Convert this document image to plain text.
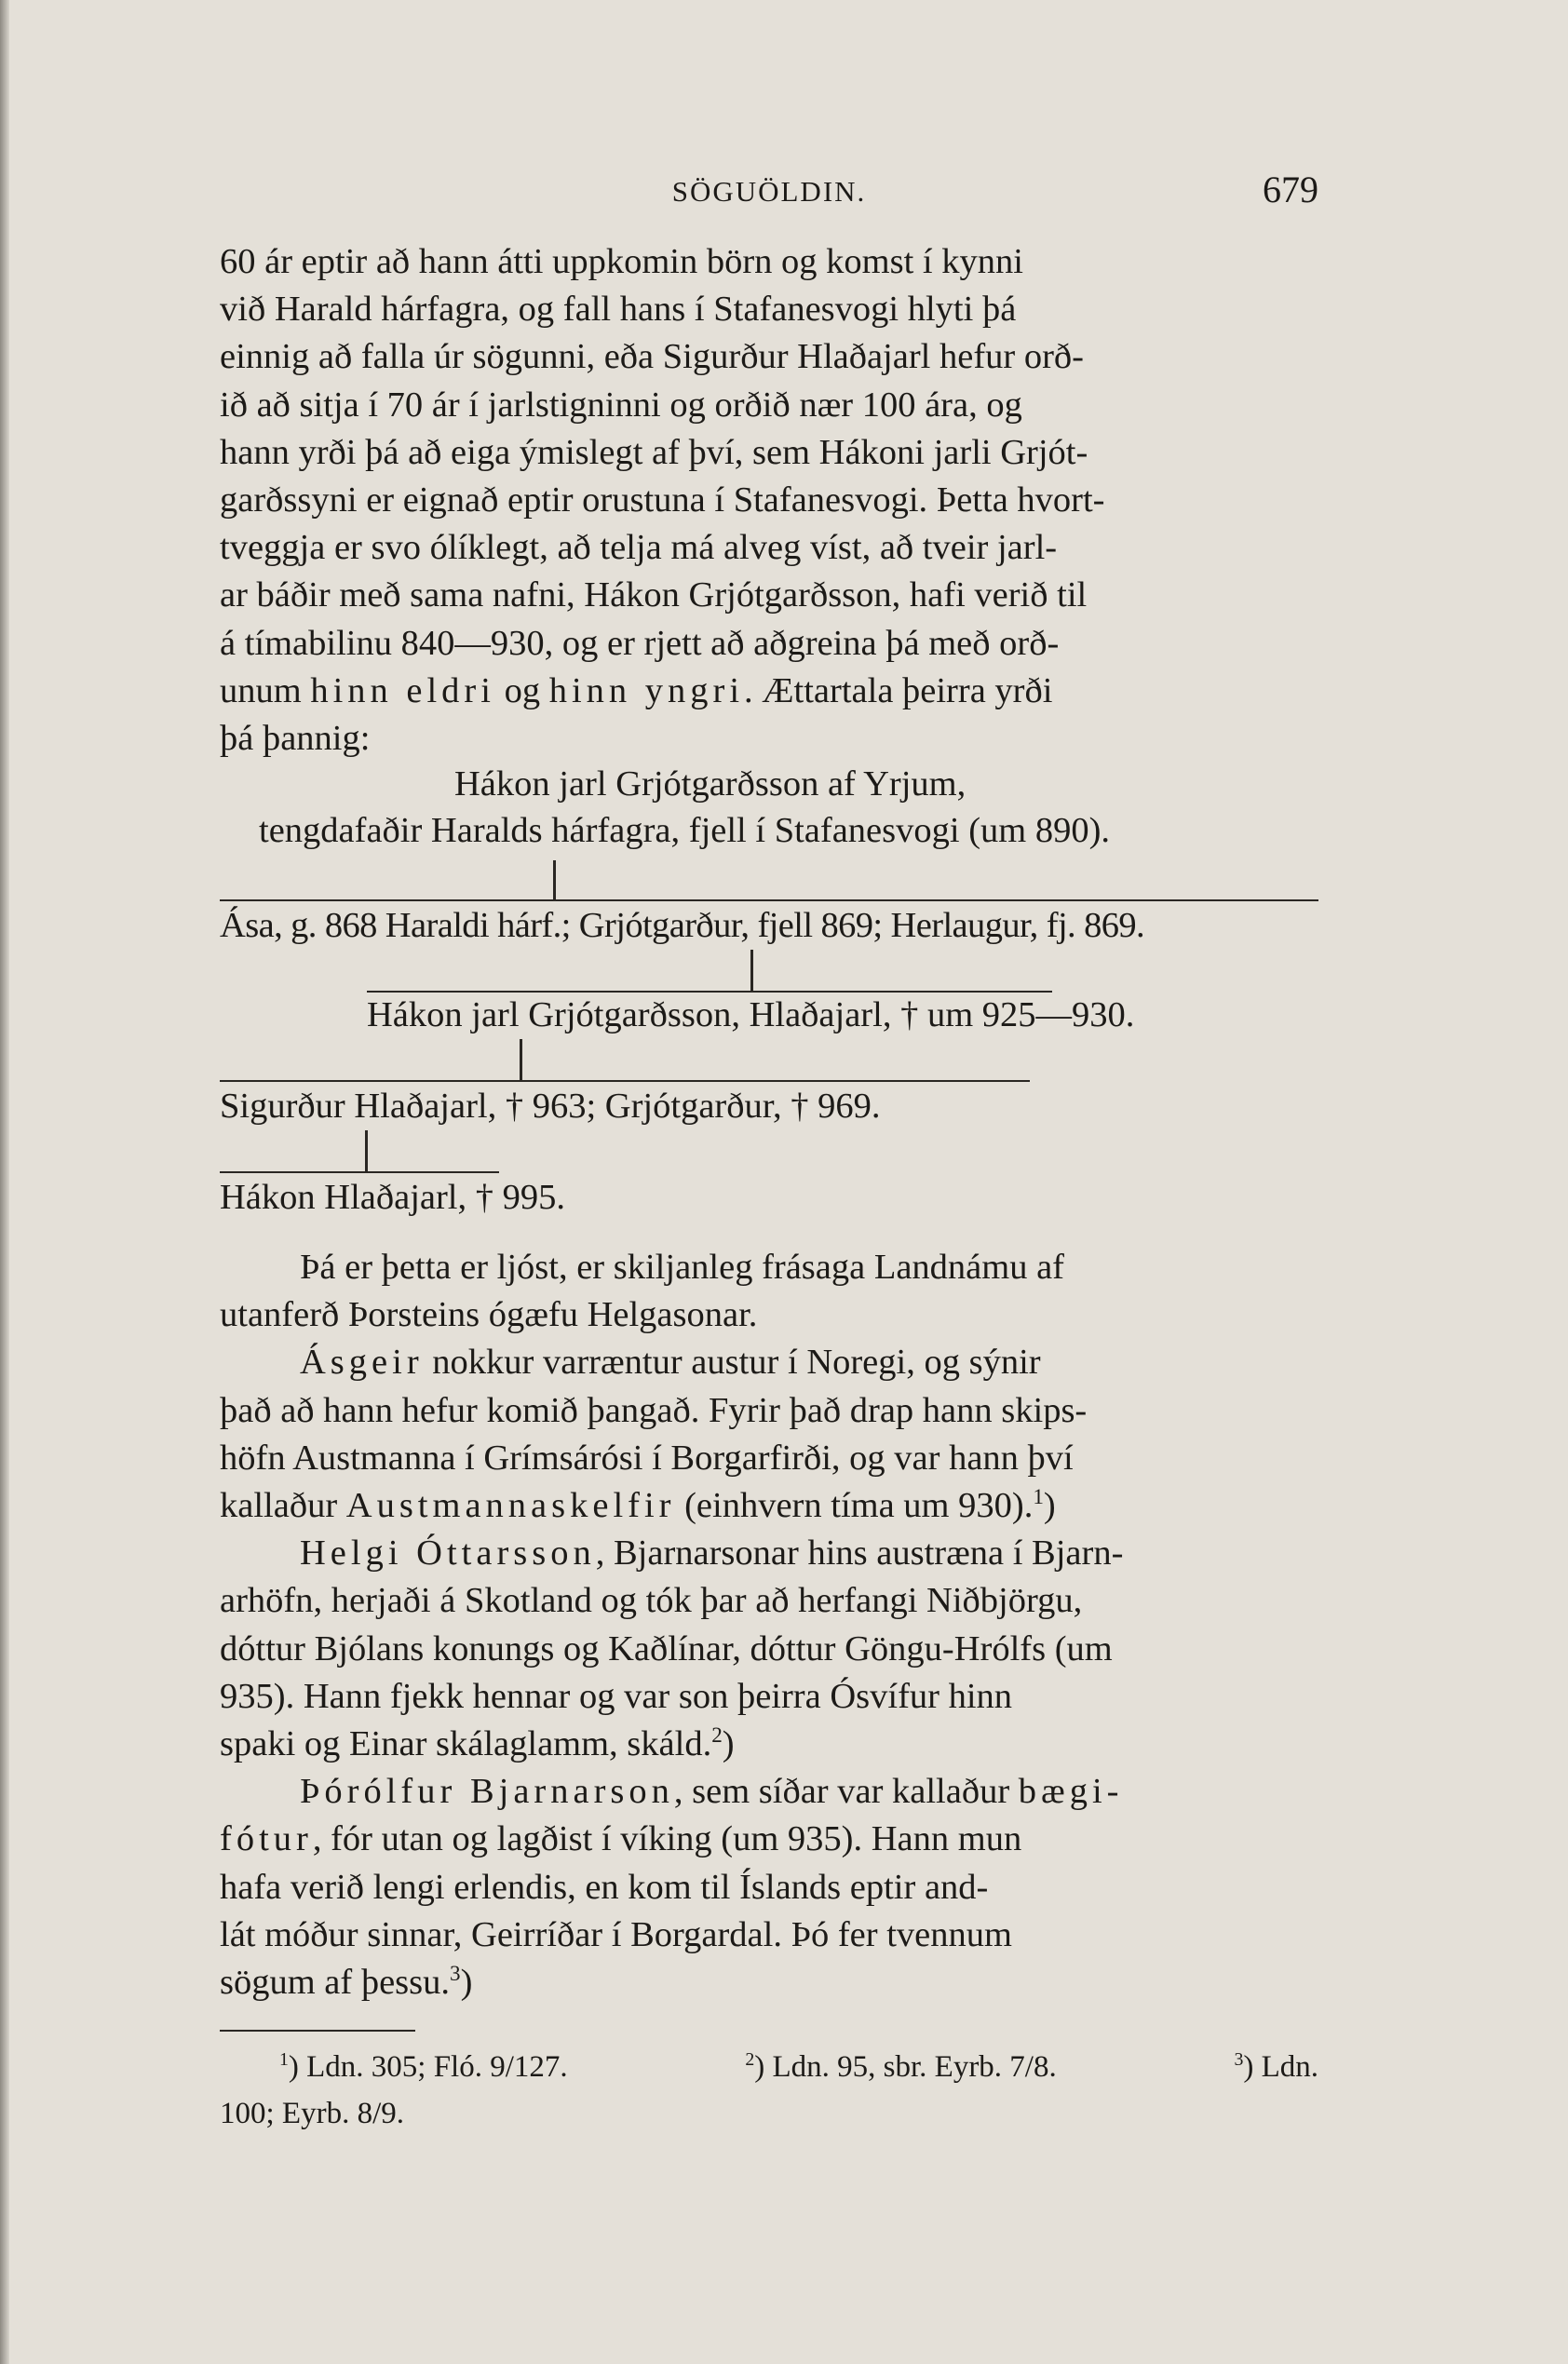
SÖGUÖLDIN.	679

60 ár eptir að hann átti uppkomin börn og komst í kynni

við Harald hárfagra, og fall hans í Stafanesvogi hlyti þá

einnig að falla úr sögunni, eða Sigurður Hlaðajarl hefur orð-

ið að sitja í 70 ár í jarlstigninni og orðið nær 100 ára, og

hann yrði þá að eiga ýmislegt af því, sem Hákoni jarli Grjót-

garðssyni er eignað eptir orustuna í Stafanesvogi. Þetta hvort-

tveggja er svo ólíklegt, að telja má alveg víst, að tveir jarl-

ar báðir með sama nafni, Hákon Grjótgarðsson, hafi verið til

á tímabilinu 840—930, og er rjett að aðgreina þá með orð-

unum hinn eldri og hinn yngri. Ættartala þeirra yrði

þá þannig:

Hákon jarl Grjótgarðsson af Yrjum,
tengdafaðir Haralds hárfagra, fjell í Stafanesvogi (um 890).
Ása, g. 868 Haraldi hárf.; Grjótgarður, fjell 869; Herlaugur, fj. 869.
Hákon jarl Grjótgarðsson, Hlaðajarl, † um 925—930.
Sigurður Hlaðajarl, † 963; Grjótgarður, † 969.
Hákon Hlaðajarl, † 995.

Þá er þetta er ljóst, er skiljanleg frásaga Landnámu af

utanferð Þorsteins ógæfu Helgasonar.

Ásgeir nokkur varræntur austur í Noregi, og sýnir

það að hann hefur komið þangað. Fyrir það drap hann skips-

höfn Austmanna í Grímsárósi í Borgarfirði, og var hann því

kallaður Austmannaskelfir (einhvern tíma um 930).$^1$)

Helgi Óttarsson, Bjarnarsonar hins austræna í Bjarn-

arhöfn, herjaði á Skotland og tók þar að herfangi Niðbjörgu,

dóttur Bjólans konungs og Kaðlínar, dóttur Göngu-Hrólfs (um

935). Hann fjekk hennar og var son þeirra Ósvífur hinn

spaki og Einar skálaglamm, skáld.$^2$)

Þórólfur Bjarnarson, sem síðar var kallaður bægi-

fótur, fór utan og lagðist í víking (um 935). Hann mun

hafa verið lengi erlendis, en kom til Íslands eptir and-

lát móður sinnar, Geirríðar í Borgardal. Þó fer tvennum

sögum af þessu.$^3$)

$^1$) Ldn. 305; Fló. 9/127.	$^2$) Ldn. 95, sbr. Eyrb. 7/8.	$^3$) Ldn.
100; Eyrb. 8/9.
